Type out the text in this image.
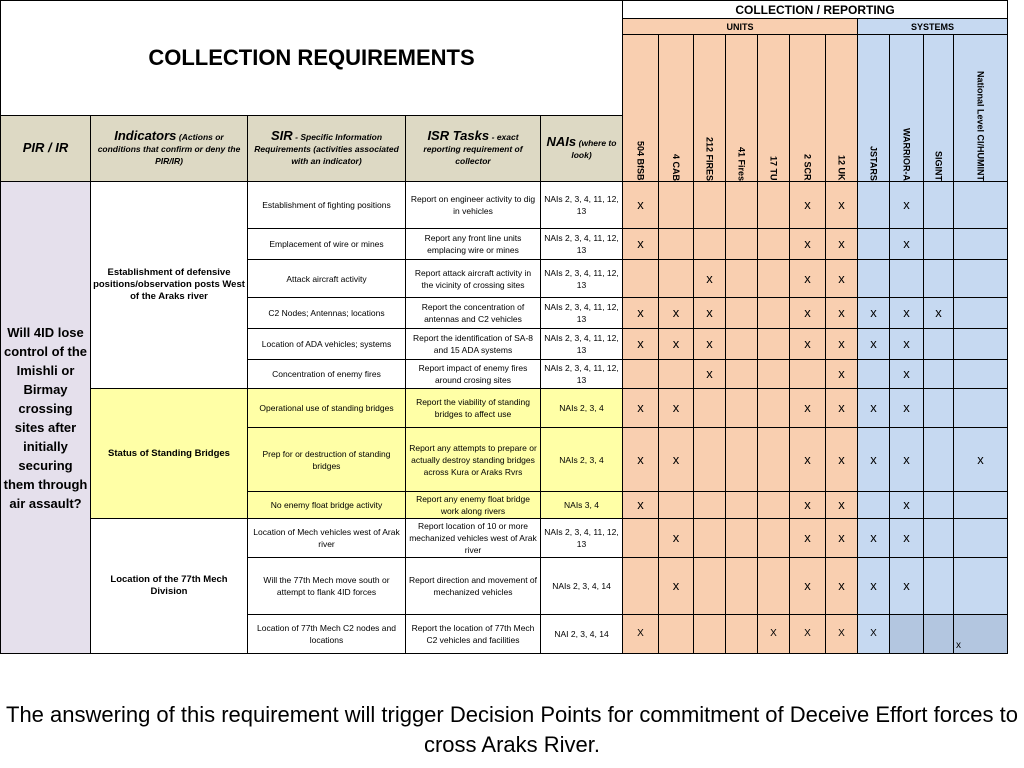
COLLECTION REQUIREMENTS					COLLECTION / REPORTING										
					UNITS							SYSTEMS			

					504 BfSB	4 CAB	212 FIRES	41 Fires	17 TU	2 SCR	12 UK	JSTARS	WARRIOR-A	SIGINT	National Level CI/HUMINT

PIR / IR	Indicators (Actions or conditions that confirm or deny the PIR/IR)	SIR - Specific Information Requirements (activities associated with an indicator)	ISR Tasks - exact reporting requirement of collector	NAIs (where to look)											
Will 4ID lose control of the Imishli or Birmay crossing sites after initially securing them through air assault?	Establishment of defensive positions/observation posts West of the Araks river	Establishment of fighting positions	Report on engineer activity to dig in vehicles	NAIs 2, 3, 4, 11, 12, 13	x					x	x		x		
		Emplacement of wire or mines	Report any front line units emplacing wire or mines	NAIs 2, 3, 4, 11, 12, 13	x					x	x		x		
		Attack aircraft activity	Report attack aircraft activity in the vicinity of crossing sites	NAIs 2, 3, 4, 11, 12, 13			x			x	x				
		C2 Nodes; Antennas; locations	Report the concentration of antennas and C2 vehicles	NAIs 2, 3, 4, 11, 12, 13	x	x	x			x	x	x	x	x	
		Location of ADA vehicles; systems	Report the identification of SA-8 and 15 ADA systems	NAIs 2, 3, 4, 11, 12, 13	x	x	x			x	x	x	x		
		Concentration of enemy fires	Report impact of enemy fires around crosing sites	NAIs 2, 3, 4, 11, 12, 13			x				x		x		
	Status of Standing Bridges	Operational use of standing bridges	Report the viability of standing bridges to affect use	NAIs 2, 3, 4	x	x				x	x	x	x		
		Prep for or destruction of standing bridges	Report any attempts to prepare or actually destroy standing bridges across Kura or Araks Rvrs	NAIs 2, 3, 4	x	x				x	x	x	x		x
		No enemy float bridge activity	Report any enemy float bridge work along rivers	NAIs 3, 4	x					x	x		x		
	Location of the 77th Mech Division	Location of Mech vehicles west of Arak river	Report location of 10 or more mechanized vehicles west of Arak river	NAIs 2, 3, 4, 11, 12, 13		x				x	x	x	x		
		Will the 77th Mech move south or attempt to flank 4ID forces	Report direction and movement of mechanized vehicles	NAIs 2, 3, 4, 14		x				x	x	x	x		
		Location of 77th Mech C2 nodes and locations	Report the location of 77th Mech C2 vehicles and facilities	NAI 2, 3, 4, 14	X				X	X	X	X			x
The answering of this requirement will trigger Decision Points for commitment of Deceive Effort forces to cross Araks River.
